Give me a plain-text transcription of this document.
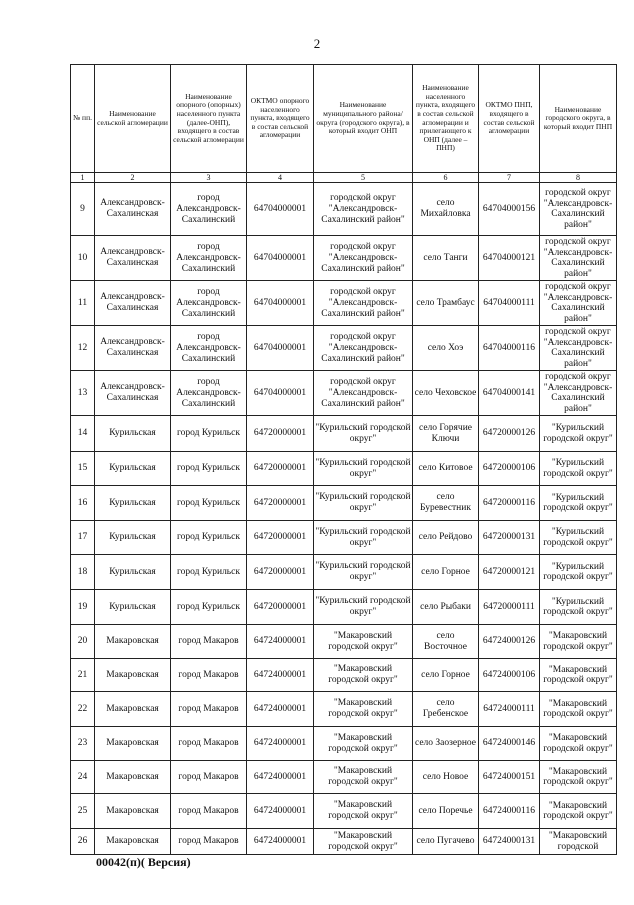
2
№ пп.	Наименование сельской агломерации	Наименование опорного (опорных) населенного пункта (далее-ОНП), входящего в состав сельской агломерации	ОКТМО опорного населенного пункта, входящего в состав сельской агломерации	Наименование муниципального района/округа (городского округа), в который входит ОНП	Наименование населенного пункта, входящего в состав сельской агломерации и прилегающего к ОНП (далее – ПНП)	ОКТМО ПНП, входящего в состав сельской агломерации	Наименование городского округа, в который входит ПНП
1	2	3	4	5	6	7	8
9	Александровск-Сахалинская	город Александровск-Сахалинский	64704000001	городской округ "Александровск-Сахалинский район"	село Михайловка	64704000156	городской округ "Александровск-Сахалинский район"
10	Александровск-Сахалинская	город Александровск-Сахалинский	64704000001	городской округ "Александровск-Сахалинский район"	село Танги	64704000121	городской округ "Александровск-Сахалинский район"
11	Александровск-Сахалинская	город Александровск-Сахалинский	64704000001	городской округ "Александровск-Сахалинский район"	село Трамбаус	64704000111	городской округ "Александровск-Сахалинский район"
12	Александровск-Сахалинская	город Александровск-Сахалинский	64704000001	городской округ "Александровск-Сахалинский район"	село Хоэ	64704000116	городской округ "Александровск-Сахалинский район"
13	Александровск-Сахалинская	город Александровск-Сахалинский	64704000001	городской округ "Александровск-Сахалинский район"	село Чеховское	64704000141	городской округ "Александровск-Сахалинский район"
14	Курильская	город Курильск	64720000001	"Курильский городской округ"	село Горячие Ключи	64720000126	"Курильский городской округ"
15	Курильская	город Курильск	64720000001	"Курильский городской округ"	село Китовое	64720000106	"Курильский городской округ"
16	Курильская	город Курильск	64720000001	"Курильский городской округ"	село Буревестник	64720000116	"Курильский городской округ"
17	Курильская	город Курильск	64720000001	"Курильский городской округ"	село Рейдово	64720000131	"Курильский городской округ"
18	Курильская	город Курильск	64720000001	"Курильский городской округ"	село Горное	64720000121	"Курильский городской округ"
19	Курильская	город Курильск	64720000001	"Курильский городской округ"	село Рыбаки	64720000111	"Курильский городской округ"
20	Макаровская	город Макаров	64724000001	"Макаровский городской округ"	село Восточное	64724000126	"Макаровский городской округ"
21	Макаровская	город Макаров	64724000001	"Макаровский городской округ"	село Горное	64724000106	"Макаровский городской округ"
22	Макаровская	город Макаров	64724000001	"Макаровский городской округ"	село Гребенское	64724000111	"Макаровский городской округ"
23	Макаровская	город Макаров	64724000001	"Макаровский городской округ"	село Заозерное	64724000146	"Макаровский городской округ"
24	Макаровская	город Макаров	64724000001	"Макаровский городской округ"	село Новое	64724000151	"Макаровский городской округ"
25	Макаровская	город Макаров	64724000001	"Макаровский городской округ"	село Поречье	64724000116	"Макаровский городской округ"
26	Макаровская	город Макаров	64724000001	"Макаровский городской округ"	село Пугачево	64724000131	"Макаровский городской
00042(п)( Версия)
